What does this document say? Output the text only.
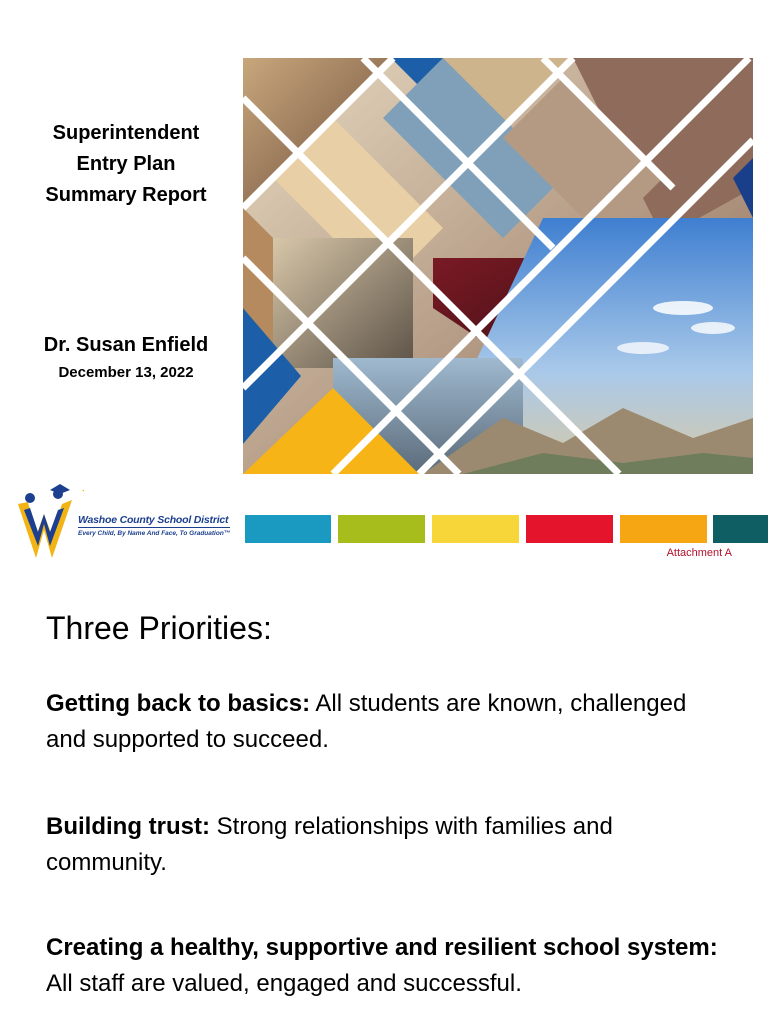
Superintendent
Entry Plan
Summary Report
Dr. Susan Enfield
December 13, 2022
Washoe County School District
Every Child, By Name And Face, To Graduation™
Attachment A
Three Priorities:

Getting back to basics: All students are known, challenged and supported to succeed.

Building trust: Strong relationships with families and community.

Creating a healthy, supportive and resilient school system: All staff are valued, engaged and successful.
